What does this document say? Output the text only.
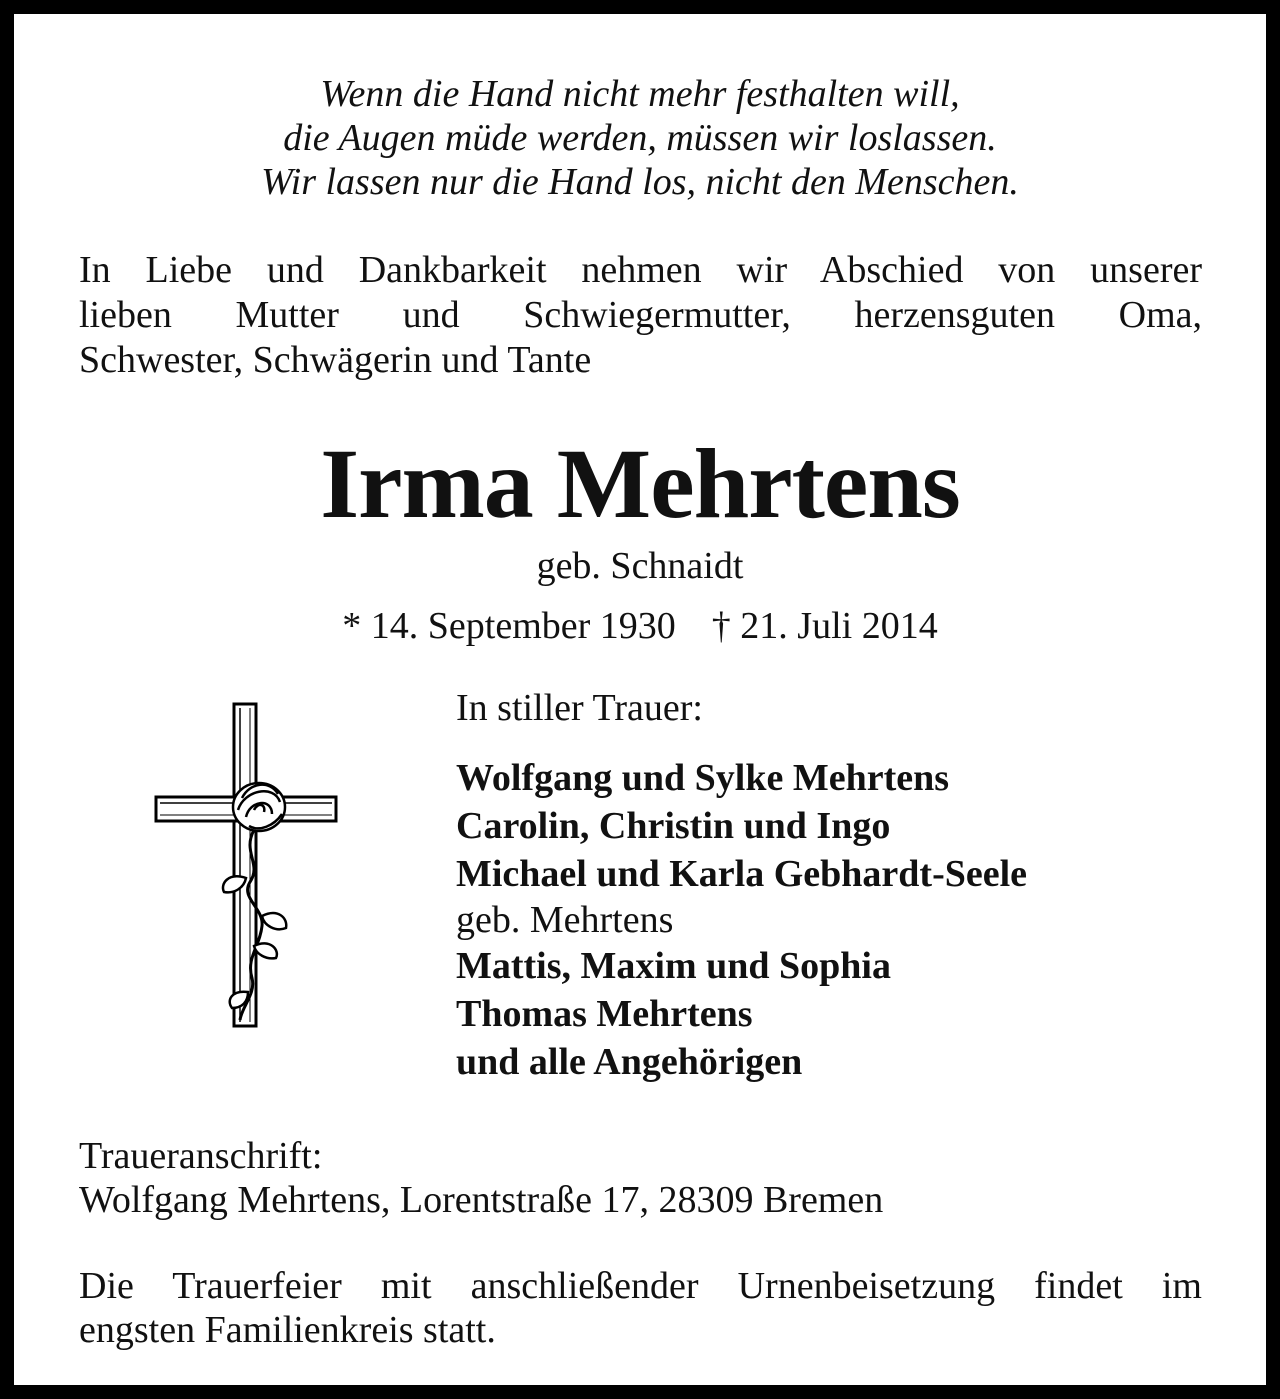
Wenn die Hand nicht mehr festhalten will,
die Augen müde werden, müssen wir loslassen.
Wir lassen nur die Hand los, nicht den Menschen.
In Liebe und Dankbarkeit nehmen wir Abschied von unserer
lieben Mutter und Schwiegermutter, herzensguten Oma,
Schwester, Schwägerin und Tante
Irma Mehrtens
geb. Schnaidt
* 14. September 1930 † 21. Juli 2014
In stiller Trauer:
Wolfgang und Sylke Mehrtens
Carolin, Christin und Ingo
Michael und Karla Gebhardt-Seele
geb. Mehrtens
Mattis, Maxim und Sophia
Thomas Mehrtens
und alle Angehörigen
Traueranschrift:
Wolfgang Mehrtens, Lorentstraße 17, 28309 Bremen
Die Trauerfeier mit anschließender Urnenbeisetzung findet im
engsten Familienkreis statt.
